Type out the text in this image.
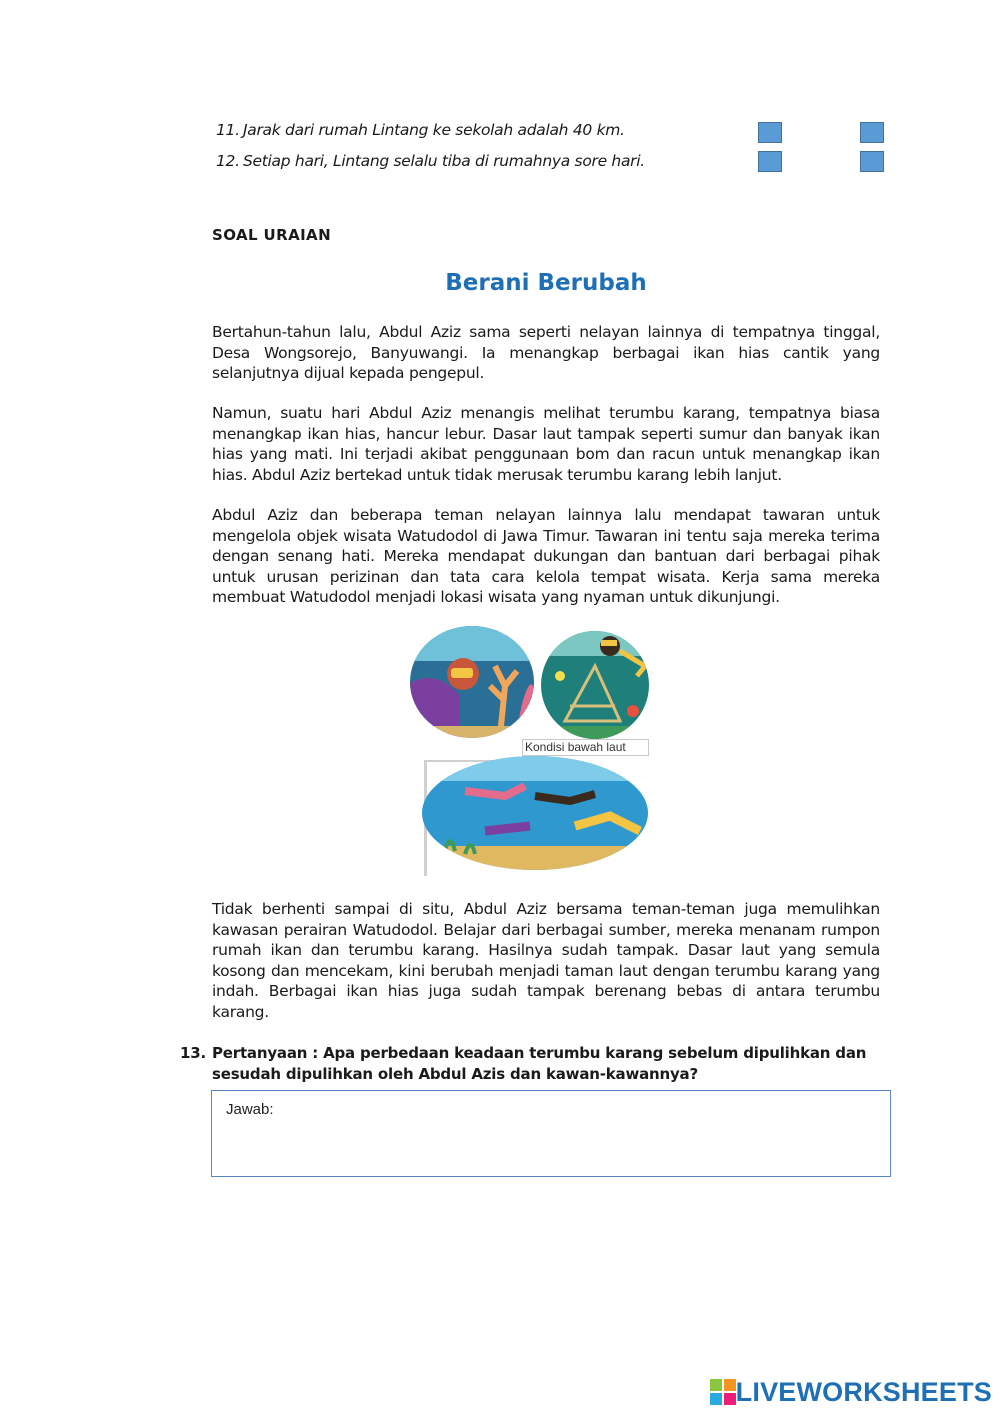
11. Jarak dari rumah Lintang ke sekolah adalah 40 km.
12. Setiap hari, Lintang selalu tiba di rumahnya sore hari.
SOAL URAIAN
Berani Berubah
Bertahun-tahun lalu, Abdul Aziz sama seperti nelayan lainnya di tempatnya tinggal, Desa Wongsorejo, Banyuwangi. Ia menangkap berbagai ikan hias cantik yang selanjutnya dijual kepada pengepul.
Namun, suatu hari Abdul Aziz menangis melihat terumbu karang, tempatnya biasa menangkap ikan hias, hancur lebur. Dasar laut tampak seperti sumur dan banyak ikan hias yang mati. Ini terjadi akibat penggunaan bom dan racun untuk menangkap ikan hias. Abdul Aziz bertekad untuk tidak merusak terumbu karang lebih lanjut.
Abdul Aziz dan beberapa teman nelayan lainnya lalu mendapat tawaran untuk mengelola objek wisata Watudodol di Jawa Timur. Tawaran ini tentu saja mereka terima dengan senang hati. Mereka mendapat dukungan dan bantuan dari berbagai pihak untuk urusan perizinan dan tata cara kelola tempat wisata. Kerja sama mereka membuat Watudodol menjadi lokasi wisata yang nyaman untuk dikunjungi.
Kondisi bawah laut
Tidak berhenti sampai di situ, Abdul Aziz bersama teman-teman juga memulihkan kawasan perairan Watudodol. Belajar dari berbagai sumber, mereka menanam rumpon rumah ikan dan terumbu karang. Hasilnya sudah tampak. Dasar laut yang semula kosong dan mencekam, kini berubah menjadi taman laut dengan terumbu karang yang indah. Berbagai ikan hias juga sudah tampak berenang bebas di antara terumbu karang.
13. Pertanyaan : Apa perbedaan keadaan terumbu karang sebelum dipulihkan dan sesudah dipulihkan oleh Abdul Azis dan kawan-kawannya?
Jawab:
LIVEWORKSHEETS
